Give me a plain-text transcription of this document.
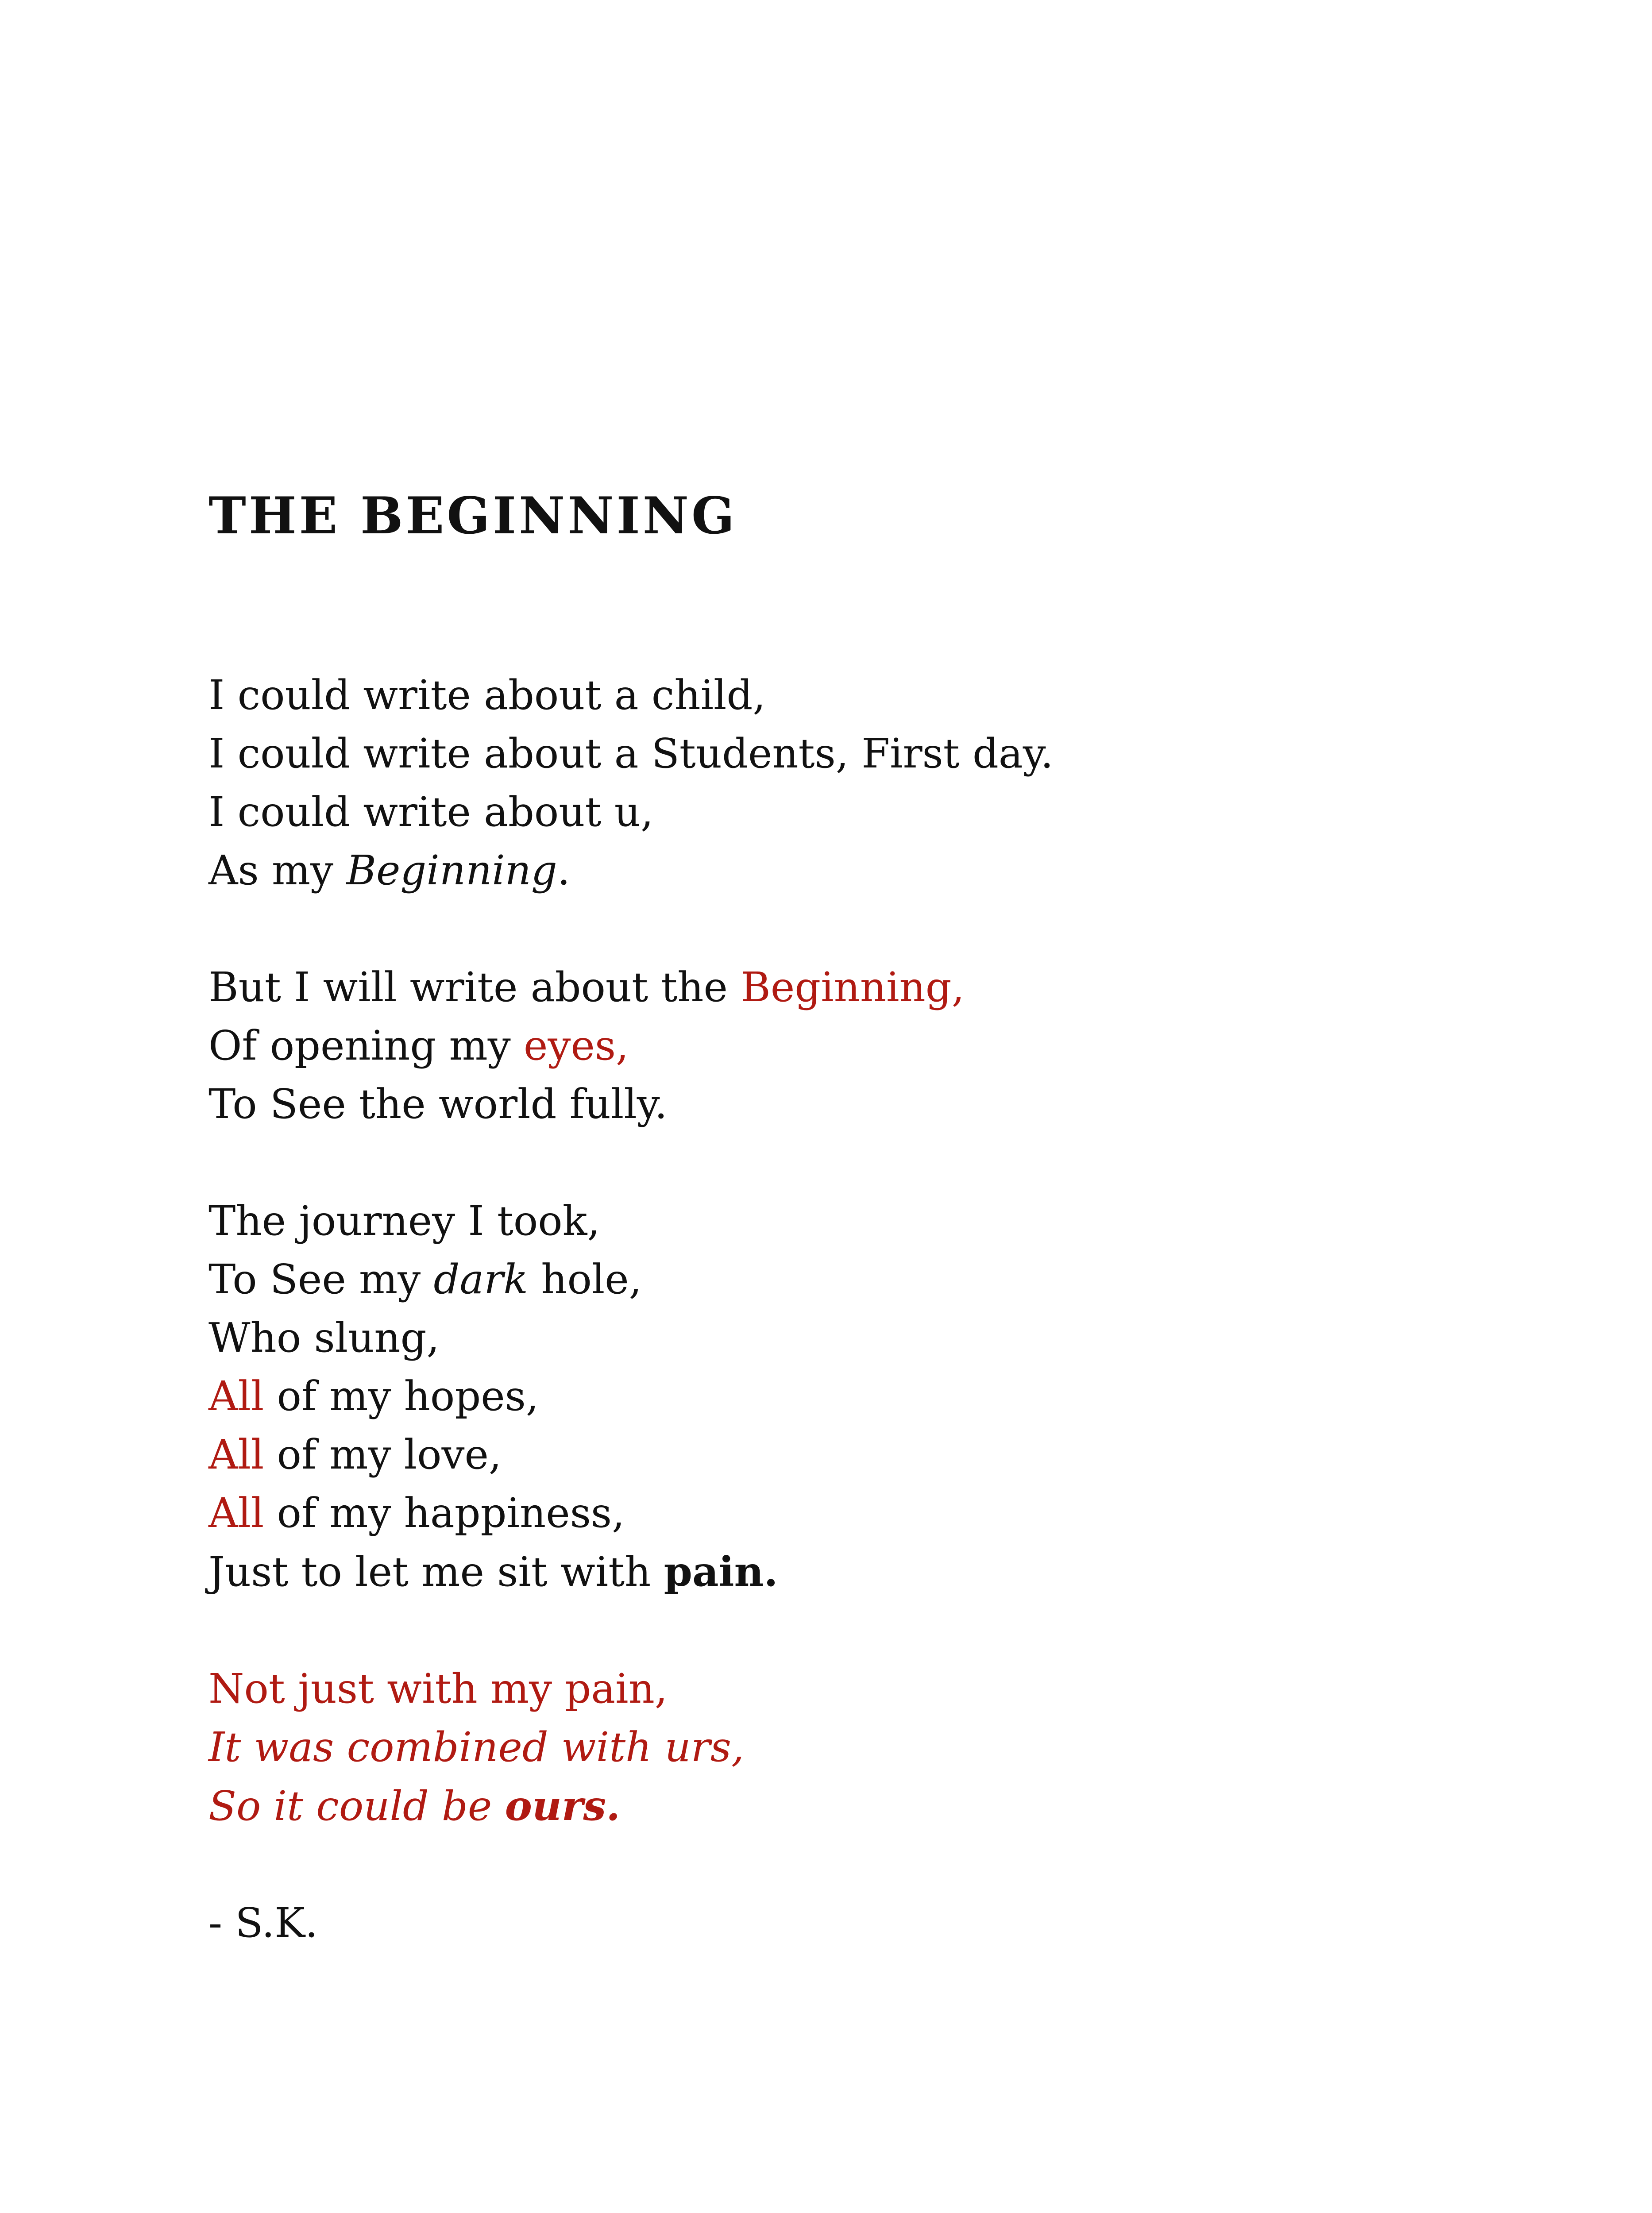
THE BEGINNING

I could write about a child,
I could write about a Students, First day.
I could write about u,
As my Beginning.

But I will write about the Beginning,
Of opening my eyes,
To See the world fully.

The journey I took,
To See my dark hole,
Who slung,
All of my hopes,
All of my love,
All of my happiness,
Just to let me sit with pain.

Not just with my pain,
It was combined with urs,
So it could be ours.

- S.K.
